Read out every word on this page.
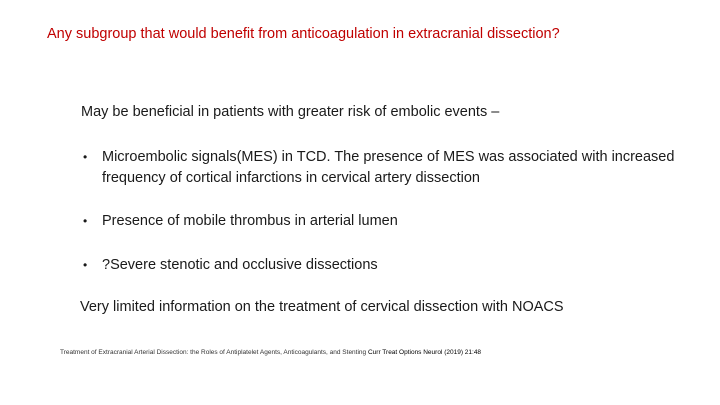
Any subgroup that would benefit from anticoagulation in extracranial dissection?
May be beneficial in patients with greater risk of embolic events –
• Microembolic signals(MES) in TCD. The presence of MES was associated with increased frequency of cortical infarctions in cervical artery dissection
• Presence of mobile thrombus in arterial lumen
• ?Severe stenotic and occlusive dissections
Very limited information on the treatment of cervical dissection with NOACS
Treatment of Extracranial Arterial Dissection: the Roles of Antiplatelet Agents, Anticoagulants, and Stenting Curr Treat Options Neurol (2019) 21:48
